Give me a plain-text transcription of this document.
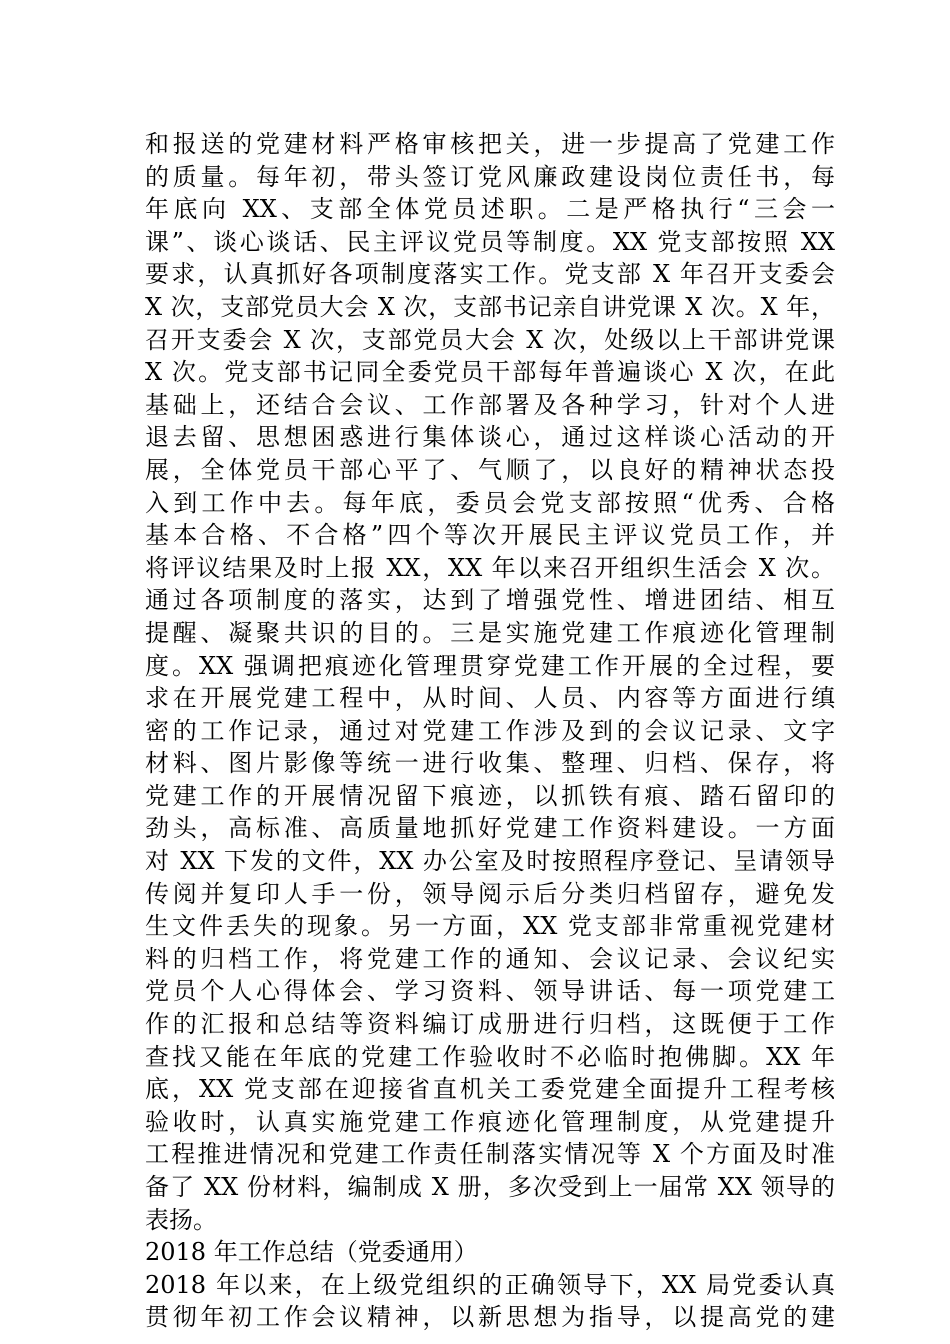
和报送的党建材料严格审核把关，进一步提高了党建工作
的质量。每年初，带头签订党风廉政建设岗位责任书，每
年底向 XX、支部全体党员述职。二是严格执行“三会一
课”、谈心谈话、民主评议党员等制度。XX 党支部按照 XX
要求，认真抓好各项制度落实工作。党支部 X 年召开支委会
X 次，支部党员大会 X 次，支部书记亲自讲党课 X 次。X 年，
召开支委会 X 次，支部党员大会 X 次，处级以上干部讲党课
X 次。党支部书记同全委党员干部每年普遍谈心 X 次，在此
基础上，还结合会议、工作部署及各种学习，针对个人进
退去留、思想困惑进行集体谈心，通过这样谈心活动的开
展，全体党员干部心平了、气顺了，以良好的精神状态投
入到工作中去。每年底，委员会党支部按照“优秀、合格
基本合格、不合格”四个等次开展民主评议党员工作，并
将评议结果及时上报 XX，XX 年以来召开组织生活会 X 次。
通过各项制度的落实，达到了增强党性、增进团结、相互
提醒、凝聚共识的目的。三是实施党建工作痕迹化管理制
度。XX 强调把痕迹化管理贯穿党建工作开展的全过程，要
求在开展党建工程中，从时间、人员、内容等方面进行缜
密的工作记录，通过对党建工作涉及到的会议记录、文字
材料、图片影像等统一进行收集、整理、归档、保存，将
党建工作的开展情况留下痕迹，以抓铁有痕、踏石留印的
劲头，高标准、高质量地抓好党建工作资料建设。一方面
对 XX 下发的文件，XX 办公室及时按照程序登记、呈请领导
传阅并复印人手一份，领导阅示后分类归档留存，避免发
生文件丢失的现象。另一方面，XX 党支部非常重视党建材
料的归档工作，将党建工作的通知、会议记录、会议纪实
党员个人心得体会、学习资料、领导讲话、每一项党建工
作的汇报和总结等资料编订成册进行归档，这既便于工作
查找又能在年底的党建工作验收时不必临时抱佛脚。XX 年
底，XX 党支部在迎接省直机关工委党建全面提升工程考核
验收时，认真实施党建工作痕迹化管理制度，从党建提升
工程推进情况和党建工作责任制落实情况等 X 个方面及时准
备了 XX 份材料，编制成 X 册，多次受到上一届常 XX 领导的
表扬。
2018 年工作总结（党委通用）
2018 年以来，在上级党组织的正确领导下，XX 局党委认真
贯彻年初工作会议精神，以新思想为指导，以提高党的建
